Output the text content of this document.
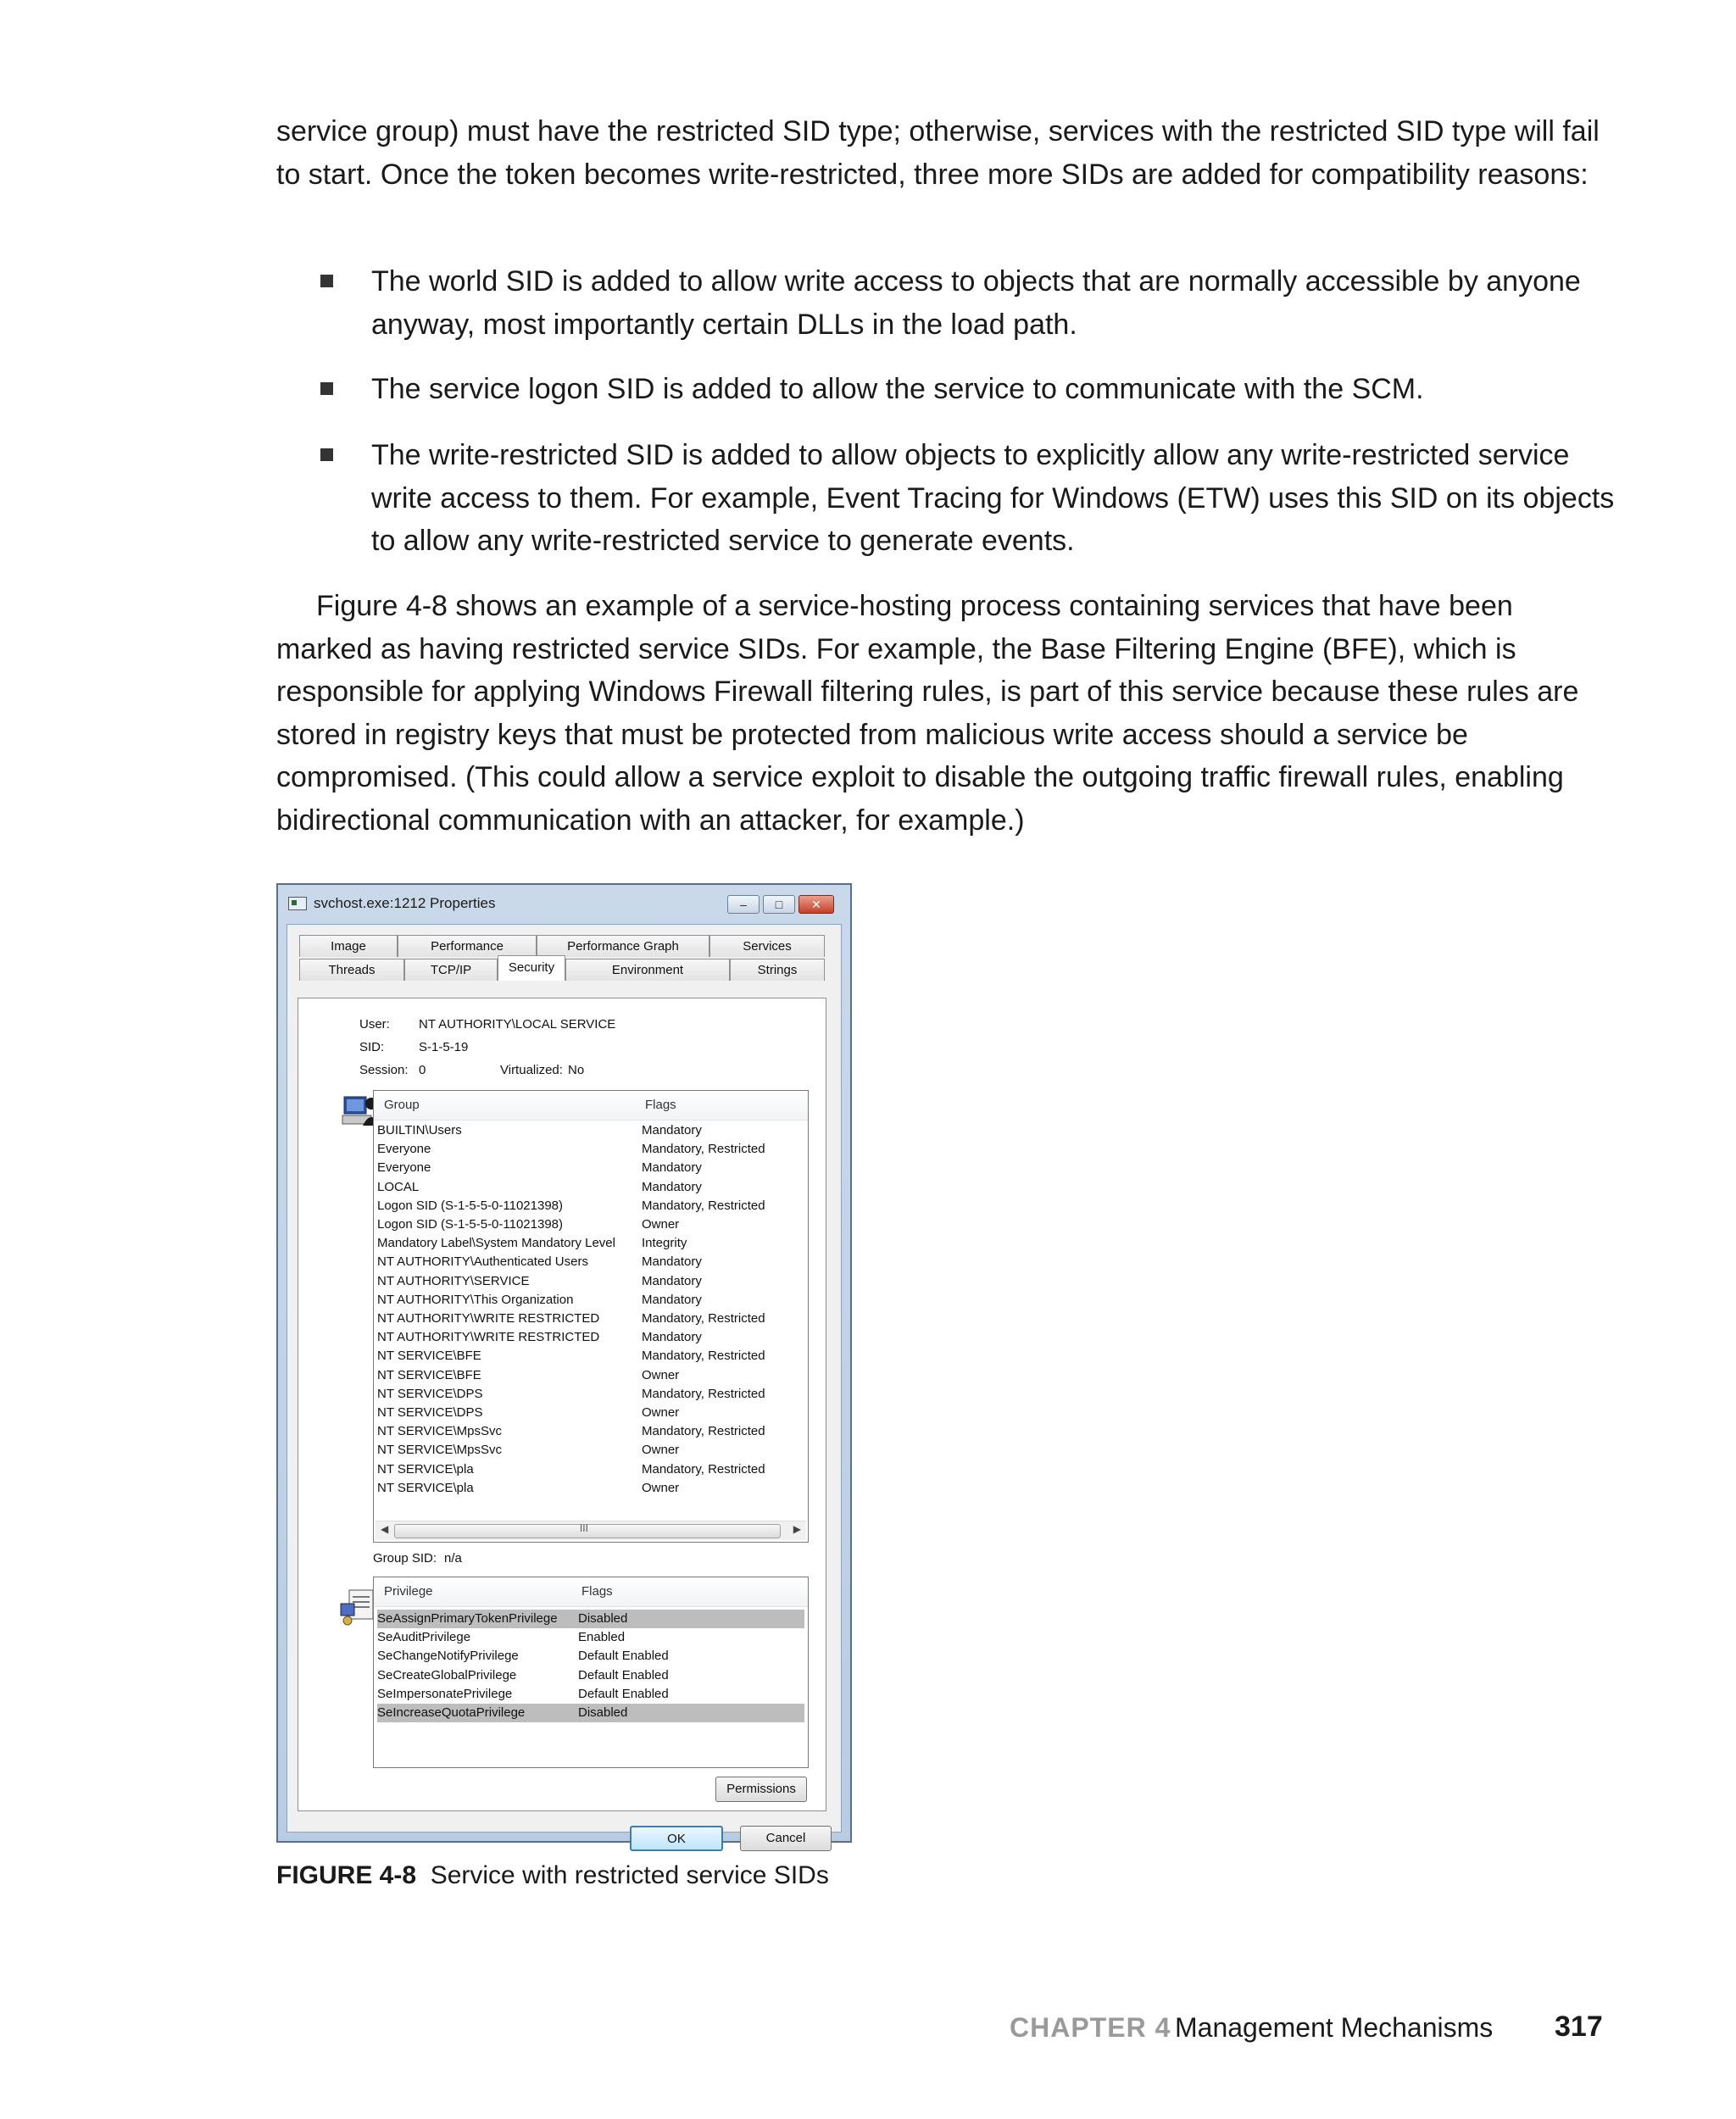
service group) must have the restricted SID type; otherwise, services with the restricted SID type will fail to start. Once the token becomes write-restricted, three more SIDs are added for compatibility reasons:

The world SID is added to allow write access to objects that are normally accessible by anyone anyway, most importantly certain DLLs in the load path.
The service logon SID is added to allow the service to communicate with the SCM.
The write-restricted SID is added to allow objects to explicitly allow any write-restricted service write access to them. For example, Event Tracing for Windows (ETW) uses this SID on its objects to allow any write-restricted service to generate events.

Figure 4-8 shows an example of a service-hosting process containing services that have been marked as having restricted service SIDs. For example, the Base Filtering Engine (BFE), which is responsible for applying Windows Firewall filtering rules, is part of this service because these rules are stored in registry keys that must be protected from malicious write access should a service be compromised. (This could allow a service exploit to disable the outgoing traffic firewall rules, enabling bidirectional communication with an attacker, for example.)

svchost.exe:1212 Properties	–	□	✕
Image	Performance	Performance Graph	Services
Threads	TCP/IP	Security	Environment	Strings
User: NT AUTHORITY\LOCAL SERVICE
SID:	S-1-5-19
Session: 0	Virtualized: No
Group	Flags
BUILTIN\Users	Mandatory
Everyone	Mandatory, Restricted
Everyone	Mandatory
LOCAL	Mandatory
Logon SID (S-1-5-5-0-11021398)	Mandatory, Restricted
Logon SID (S-1-5-5-0-11021398)	Owner
Mandatory Label\System Mandatory Level Integrity
NT AUTHORITY\Authenticated Users	Mandatory
NT AUTHORITY\SERVICE	Mandatory
NT AUTHORITY\This Organization	Mandatory
NT AUTHORITY\WRITE RESTRICTED	Mandatory, Restricted
NT AUTHORITY\WRITE RESTRICTED	Mandatory
NT SERVICE\BFE	Mandatory, Restricted
NT SERVICE\BFE	Owner
NT SERVICE\DPS	Mandatory, Restricted
NT SERVICE\DPS	Owner
NT SERVICE\MpsSvc	Mandatory, Restricted
NT SERVICE\MpsSvc	Owner
NT SERVICE\pla	Mandatory, Restricted
NT SERVICE\pla	Owner
◀	III	▶
Group SID: n/a
Privilege	Flags
SeAssignPrimaryTokenPrivilege Disabled
SeAuditPrivilege	Enabled
SeChangeNotifyPrivilege	Default Enabled
SeCreateGlobalPrivilege	Default Enabled
SeImpersonatePrivilege	Default Enabled
SeIncreaseQuotaPrivilege	Disabled
Permissions
OK	Cancel
FIGURE 4-8 Service with restricted service SIDs
CHAPTER 4 Management Mechanisms 317
